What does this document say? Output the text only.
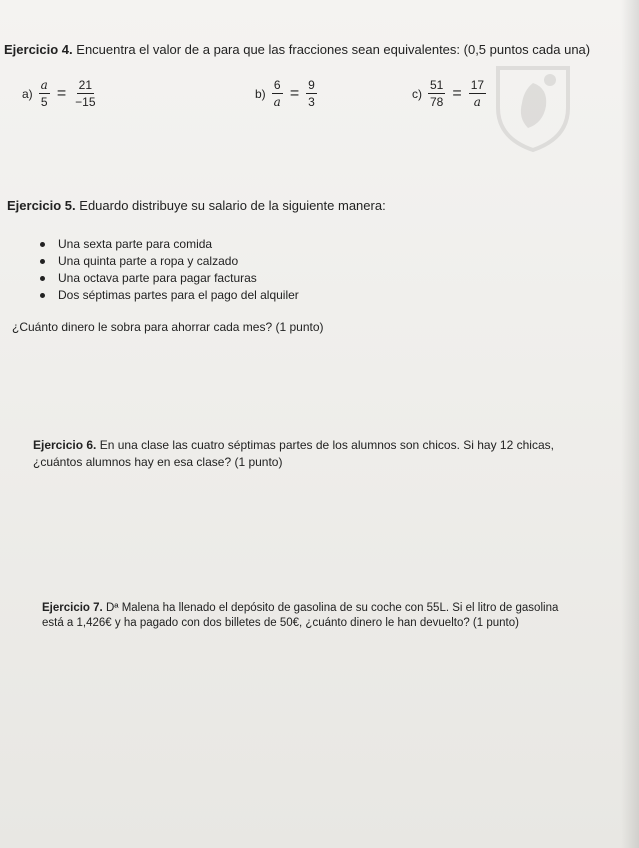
Ejercicio 4. Encuentra el valor de a para que las fracciones sean equivalentes: (0,5 puntos cada una)
$a) \frac{a}{5} = \frac{21}{-15}$	$b) \frac{6}{a} = \frac{9}{3}$	$c) \frac{51}{78} = \frac{17}{a}$
Ejercicio 5. Eduardo distribuye su salario de la siguiente manera:
Una sexta parte para comida
Una quinta parte a ropa y calzado
Una octava parte para pagar facturas
Dos séptimas partes para el pago del alquiler
¿Cuánto dinero le sobra para ahorrar cada mes? (1 punto)
Ejercicio 6. En una clase las cuatro séptimas partes de los alumnos son chicos. Si hay 12 chicas,
¿cuántos alumnos hay en esa clase? (1 punto)
Ejercicio 7. Dª Malena ha llenado el depósito de gasolina de su coche con 55L. Si el litro de gasolina
está a 1,426€ y ha pagado con dos billetes de 50€, ¿cuánto dinero le han devuelto? (1 punto)
